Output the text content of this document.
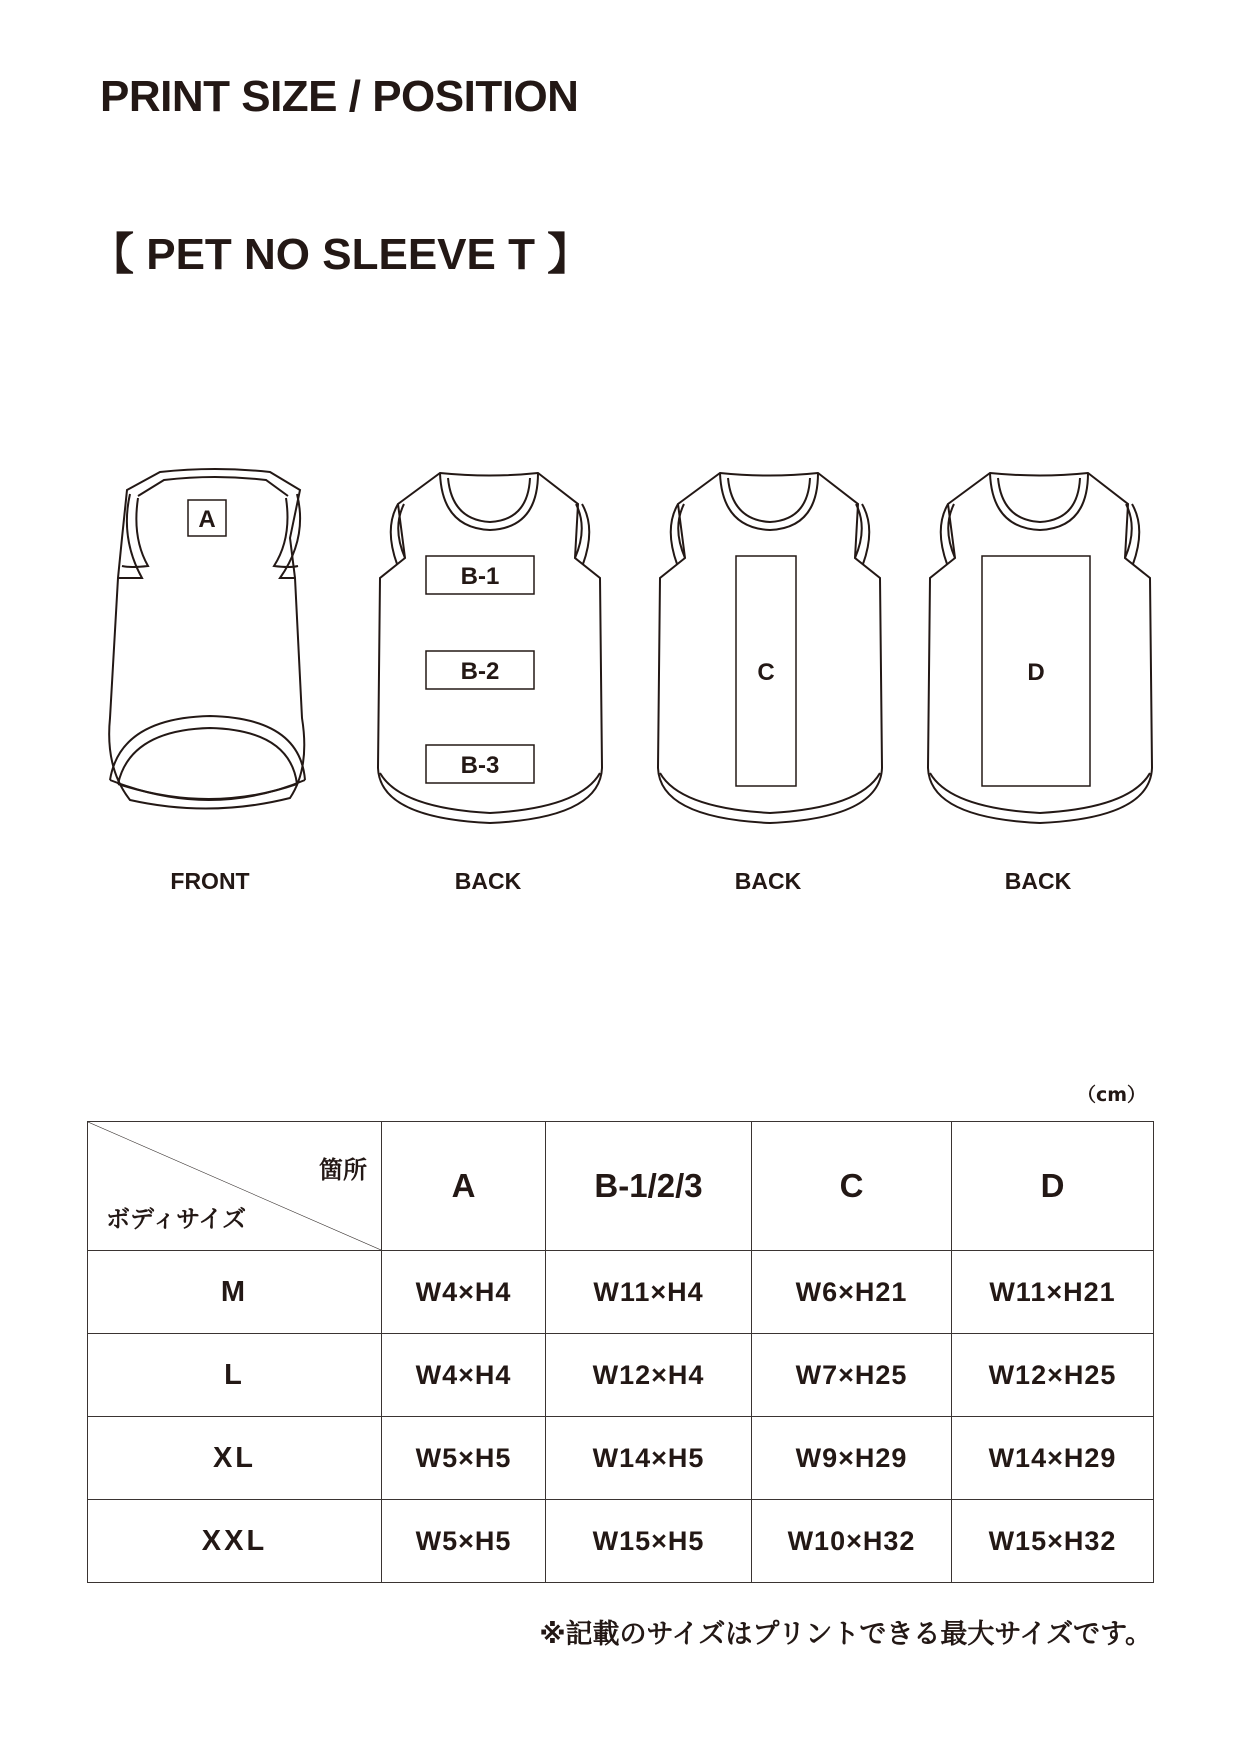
PRINT SIZE / POSITION
【 PET NO SLEEVE T 】
A
B-1
B-2
B-3
C	D
FRONT	BACK	BACK	BACK
（cm）
箇所
ボディサイズ	A	B-1/2/3	C	D
M	W4×H4	W11×H4	W6×H21	W11×H21
L	W4×H4	W12×H4	W7×H25	W12×H25
XL	W5×H5	W14×H5	W9×H29	W14×H29
XXL	W5×H5	W15×H5	W10×H32	W15×H32
※記載のサイズはプリントできる最大サイズです。
